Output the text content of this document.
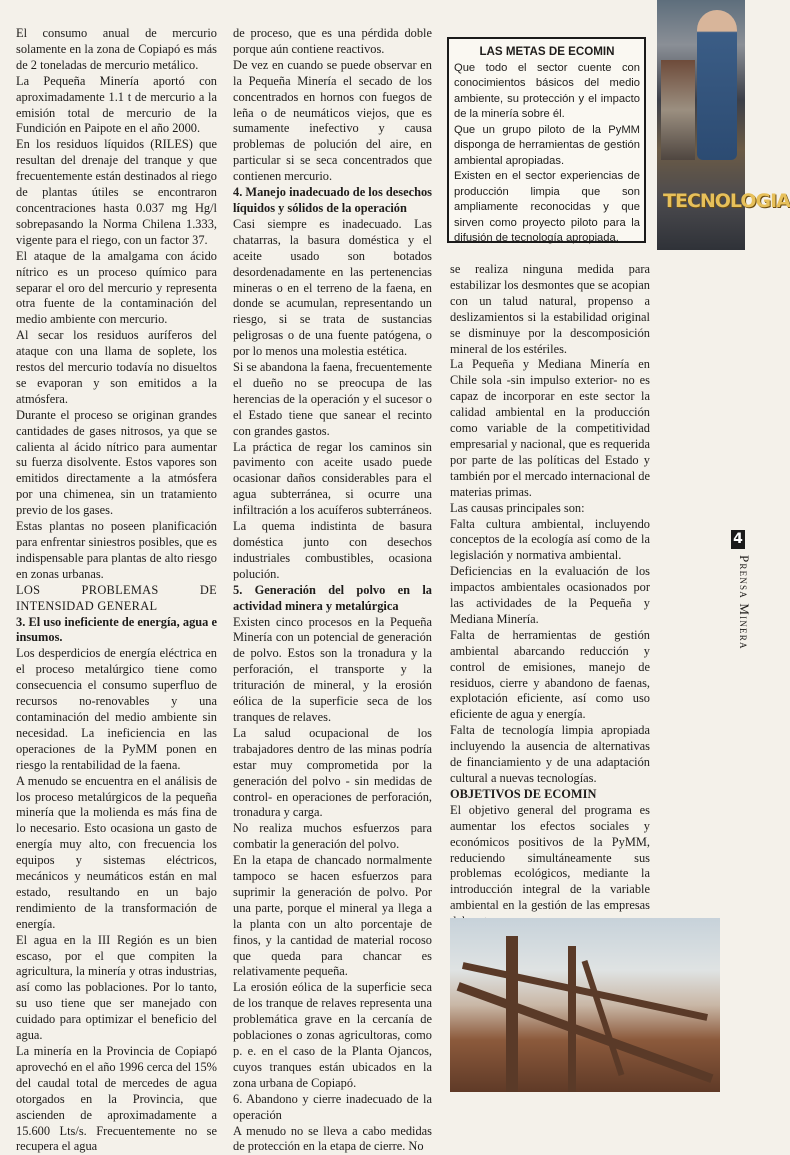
El consumo anual de mercurio solamente en la zona de Copiapó es más de 2 toneladas de mercurio metálico.

La Pequeña Minería aportó con aproximadamente 1.1 t de mercurio a la emisión total de mercurio de la Fundición en Paipote en el año 2000.

En los residuos líquidos (RILES) que resultan del drenaje del tranque y que frecuentemente están destinados al riego de plantas útiles se encontraron concentraciones hasta 0.037 mg Hg/l sobrepasando la Norma Chilena 1.333, vigente para el riego, con un factor 37.

El ataque de la amalgama con ácido nítrico es un proceso químico para separar el oro del mercurio y representa otra fuente de la contaminación del medio ambiente con mercurio.

Al secar los residuos auríferos del ataque con una llama de soplete, los restos del mercurio todavía no disueltos se evaporan y son emitidos a la atmósfera.

Durante el proceso se originan grandes cantidades de gases nitrosos, ya que se calienta al ácido nítrico para aumentar su fuerza disolvente. Estos vapores son emitidos directamente a la atmósfera por una chimenea, sin un tratamiento previo de los gases.

Estas plantas no poseen planificación para enfrentar siniestros posibles, que es indispensable para plantas de alto riesgo en zonas urbanas.

LOS PROBLEMAS DE INTENSIDAD GENERAL

3. El uso ineficiente de energía, agua e insumos.

Los desperdicios de energía eléctrica en el proceso metalúrgico tiene como consecuencia el consumo superfluo de recursos no-renovables y una contaminación del medio ambiente sin necesidad. La ineficiencia en las operaciones de la PyMM ponen en riesgo la rentabilidad de la faena.

A menudo se encuentra en el análisis de los proceso metalúrgicos de la pequeña minería que la molienda es más fina de lo necesario. Esto ocasiona un gasto de energía muy alto, con frecuencia los equipos y sistemas eléctricos, mecánicos y neumáticos están en mal estado, resultando en un bajo rendimiento de la transformación de energía.

El agua en la III Región es un bien escaso, por el que compiten la agricultura, la minería y otras industrias, así como las poblaciones. Por lo tanto, su uso tiene que ser manejado con cuidado para optimizar el beneficio del agua.

La minería en la Provincia de Copiapó aprovechó en el año 1996 cerca del 15% del caudal total de mercedes de agua otorgados en la Provincia, que ascienden de aproximadamente a 15.600 Lts/s. Frecuentemente no se recupera el agua

de proceso, que es una pérdida doble porque aún contiene reactivos.

De vez en cuando se puede observar en la Pequeña Minería el secado de los concentrados en hornos con fuegos de leña o de neumáticos viejos, que es sumamente inefectivo y causa problemas de polución del aire, en particular si se seca concentrados que contienen mercurio.

4. Manejo inadecuado de los desechos líquidos y sólidos de la operación

Casi siempre es inadecuado. Las chatarras, la basura doméstica y el aceite usado son botados desordenadamente en las pertenencias mineras o en el terreno de la faena, en donde se acumulan, representando un riesgo, si se trata de sustancias peligrosas o de una fuente patógena, o por lo menos una molestia estética.

Si se abandona la faena, frecuentemente el dueño no se preocupa de las herencias de la operación y el sucesor o el Estado tiene que sanear el recinto con grandes gastos.

La práctica de regar los caminos sin pavimento con aceite usado puede ocasionar daños considerables para el agua subterránea, si ocurre una infiltración a los acuíferos subterráneos. La quema indistinta de basura doméstica junto con desechos industriales combustibles, ocasiona polución.

5. Generación del polvo en la actividad minera y metalúrgica

Existen cinco procesos en la Pequeña Minería con un potencial de generación de polvo. Estos son la tronadura y la perforación, el transporte y la trituración de mineral, y la erosión eólica de la superficie seca de los tranques de relaves.

La salud ocupacional de los trabajadores dentro de las minas podría estar muy comprometida por la generación del polvo - sin medidas de control- en operaciones de perforación, tronadura y carga.

No realiza muchos esfuerzos para combatir la generación del polvo.

En la etapa de chancado normalmente tampoco se hacen esfuerzos para suprimir la generación de polvo. Por una parte, porque el mineral ya llega a la planta con un alto porcentaje de finos, y la cantidad de material rocoso que queda para chancar es relativamente pequeña.

La erosión eólica de la superficie seca de los tranque de relaves representa una problemática grave en la cercanía de poblaciones o zonas agricultoras, como p. e. en el caso de la Planta Ojancos, cuyos tranques están ubicados en la zona urbana de Copiapó.

6. Abandono y cierre inadecuado de la operación

A menudo no se lleva a cabo medidas de protección en la etapa de cierre. No

LAS METAS DE ECOMIN

Que todo el sector cuente con conocimientos básicos del medio ambiente, su protección y el impacto de la minería sobre él.

Que un grupo piloto de la PyMM disponga de herramientas de gestión ambiental apropiadas.

Existen en el sector experiencias de producción limpia que son ampliamente reconocidas y que sirven como proyecto piloto para la difusión de tecnología apropiada.

se realiza ninguna medida para estabilizar los desmontes que se acopian con un talud natural, propenso a deslizamientos si la estabilidad original se disminuye por la descomposición mineral de los estériles.

La Pequeña y Mediana Minería en Chile sola -sin impulso exterior- no es capaz de incorporar en este sector la calidad ambiental en la producción como variable de la competitividad empresarial y nacional, que es requerida por parte de las políticas del Estado y también por el mercado internacional de materias primas.

Las causas principales son:

Falta cultura ambiental, incluyendo conceptos de la ecología así como de la legislación y normativa ambiental.

Deficiencias en la evaluación de los impactos ambientales ocasionados por las actividades de la Pequeña y Mediana Minería.

Falta de herramientas de gestión ambiental abarcando reducción y control de emisiones, manejo de residuos, cierre y abandono de faenas, explotación eficiente, así como uso eficiente de agua y energía.

Falta de tecnología limpia apropiada incluyendo la ausencia de alternativas de financiamiento y de una adaptación cultural a nuevas tecnologías.

OBJETIVOS DE ECOMIN

El objetivo general del programa es aumentar los efectos sociales y económicos positivos de la PyMM, reduciendo simultáneamente sus problemas ecológicos, mediante la introducción integral de la variable ambiental en la gestión de las empresas

TECNOLOGIA
4
Prensa Minera
